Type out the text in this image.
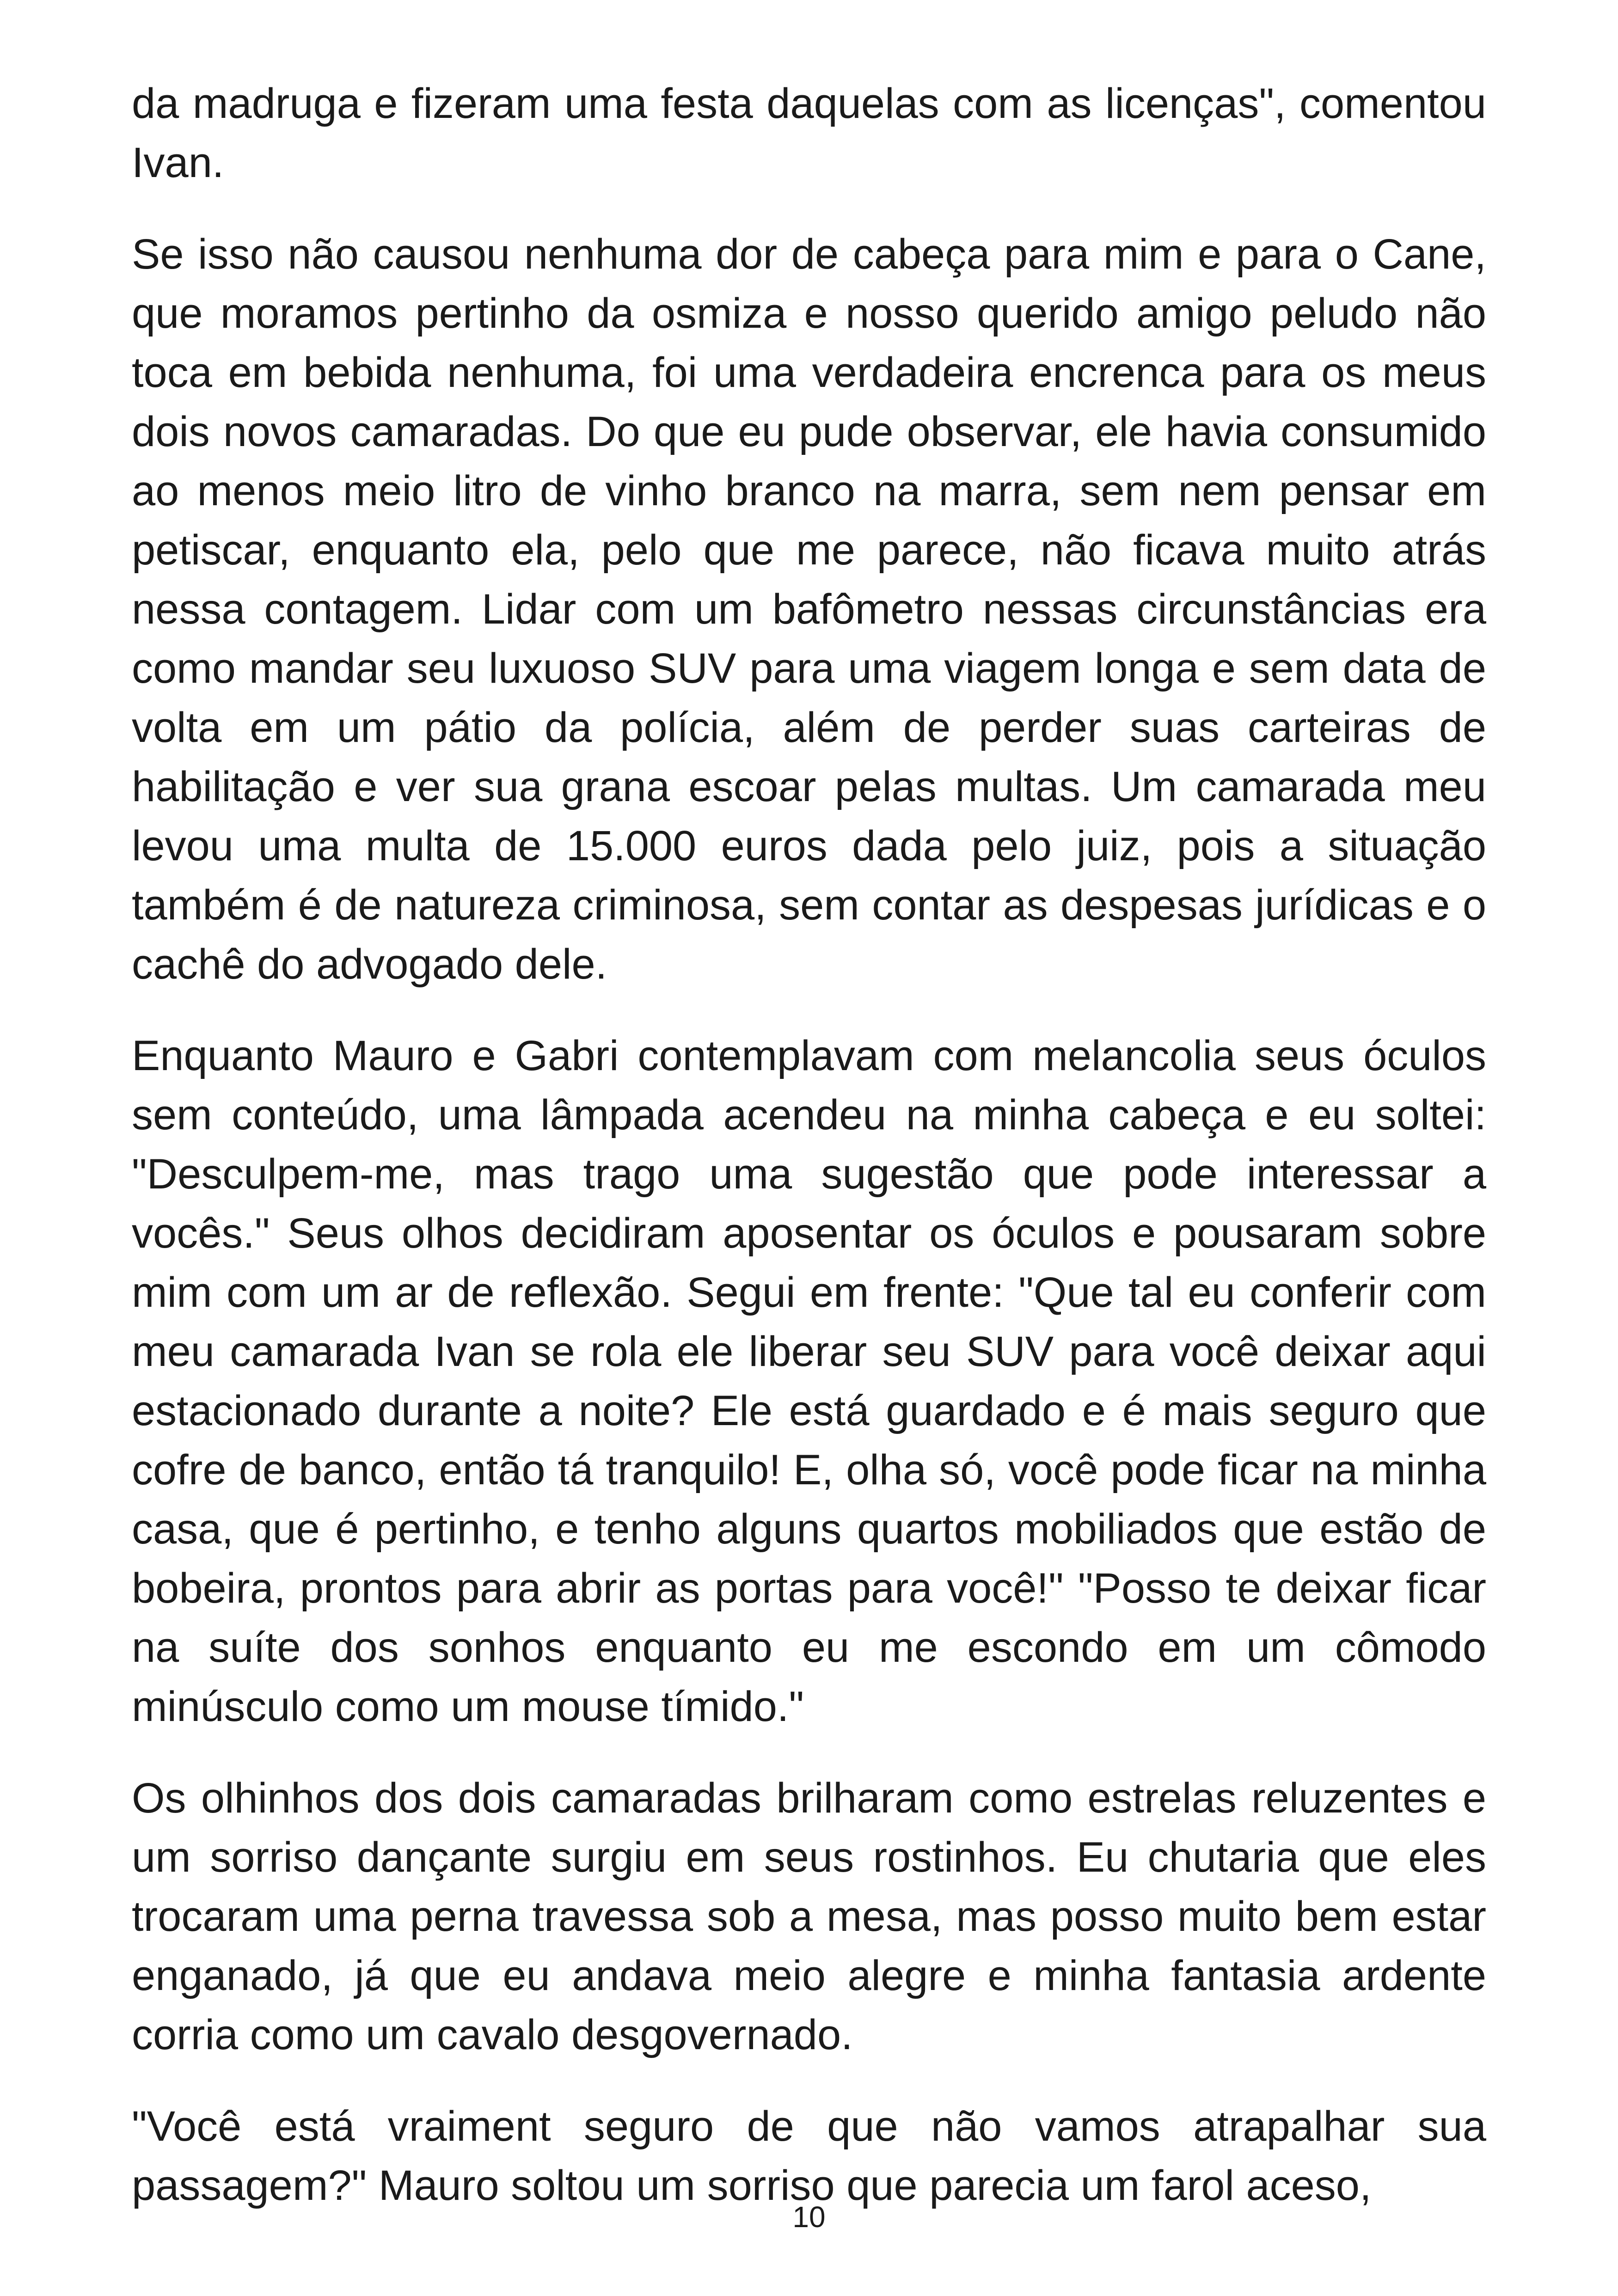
da madruga e fizeram uma festa daquelas com as licenças", comentou Ivan.

Se isso não causou nenhuma dor de cabeça para mim e para o Cane, que moramos pertinho da osmiza e nosso querido amigo peludo não toca em bebida nenhuma, foi uma verdadeira encrenca para os meus dois novos camaradas. Do que eu pude observar, ele havia consumido ao menos meio litro de vinho branco na marra, sem nem pensar em petiscar, enquanto ela, pelo que me parece, não ficava muito atrás nessa contagem. Lidar com um bafômetro nessas circunstâncias era como mandar seu luxuoso SUV para uma viagem longa e sem data de volta em um pátio da polícia, além de perder suas carteiras de habilitação e ver sua grana escoar pelas multas. Um camarada meu levou uma multa de 15.000 euros dada pelo juiz, pois a situação também é de natureza criminosa, sem contar as despesas jurídicas e o cachê do advogado dele.

Enquanto Mauro e Gabri contemplavam com melancolia seus óculos sem conteúdo, uma lâmpada acendeu na minha cabeça e eu soltei: "Desculpem-me, mas trago uma sugestão que pode interessar a vocês." Seus olhos decidiram aposentar os óculos e pousaram sobre mim com um ar de reflexão. Segui em frente: "Que tal eu conferir com meu camarada Ivan se rola ele liberar seu SUV para você deixar aqui estacionado durante a noite? Ele está guardado e é mais seguro que cofre de banco, então tá tranquilo! E, olha só, você pode ficar na minha casa, que é pertinho, e tenho alguns quartos mobiliados que estão de bobeira, prontos para abrir as portas para você!" "Posso te deixar ficar na suíte dos sonhos enquanto eu me escondo em um cômodo minúsculo como um mouse tímido."

Os olhinhos dos dois camaradas brilharam como estrelas reluzentes e um sorriso dançante surgiu em seus rostinhos. Eu chutaria que eles trocaram uma perna travessa sob a mesa, mas posso muito bem estar enganado, já que eu andava meio alegre e minha fantasia ardente corria como um cavalo desgovernado.

"Você está vraiment seguro de que não vamos atrapalhar sua passagem?" Mauro soltou um sorriso que parecia um farol aceso,

10
